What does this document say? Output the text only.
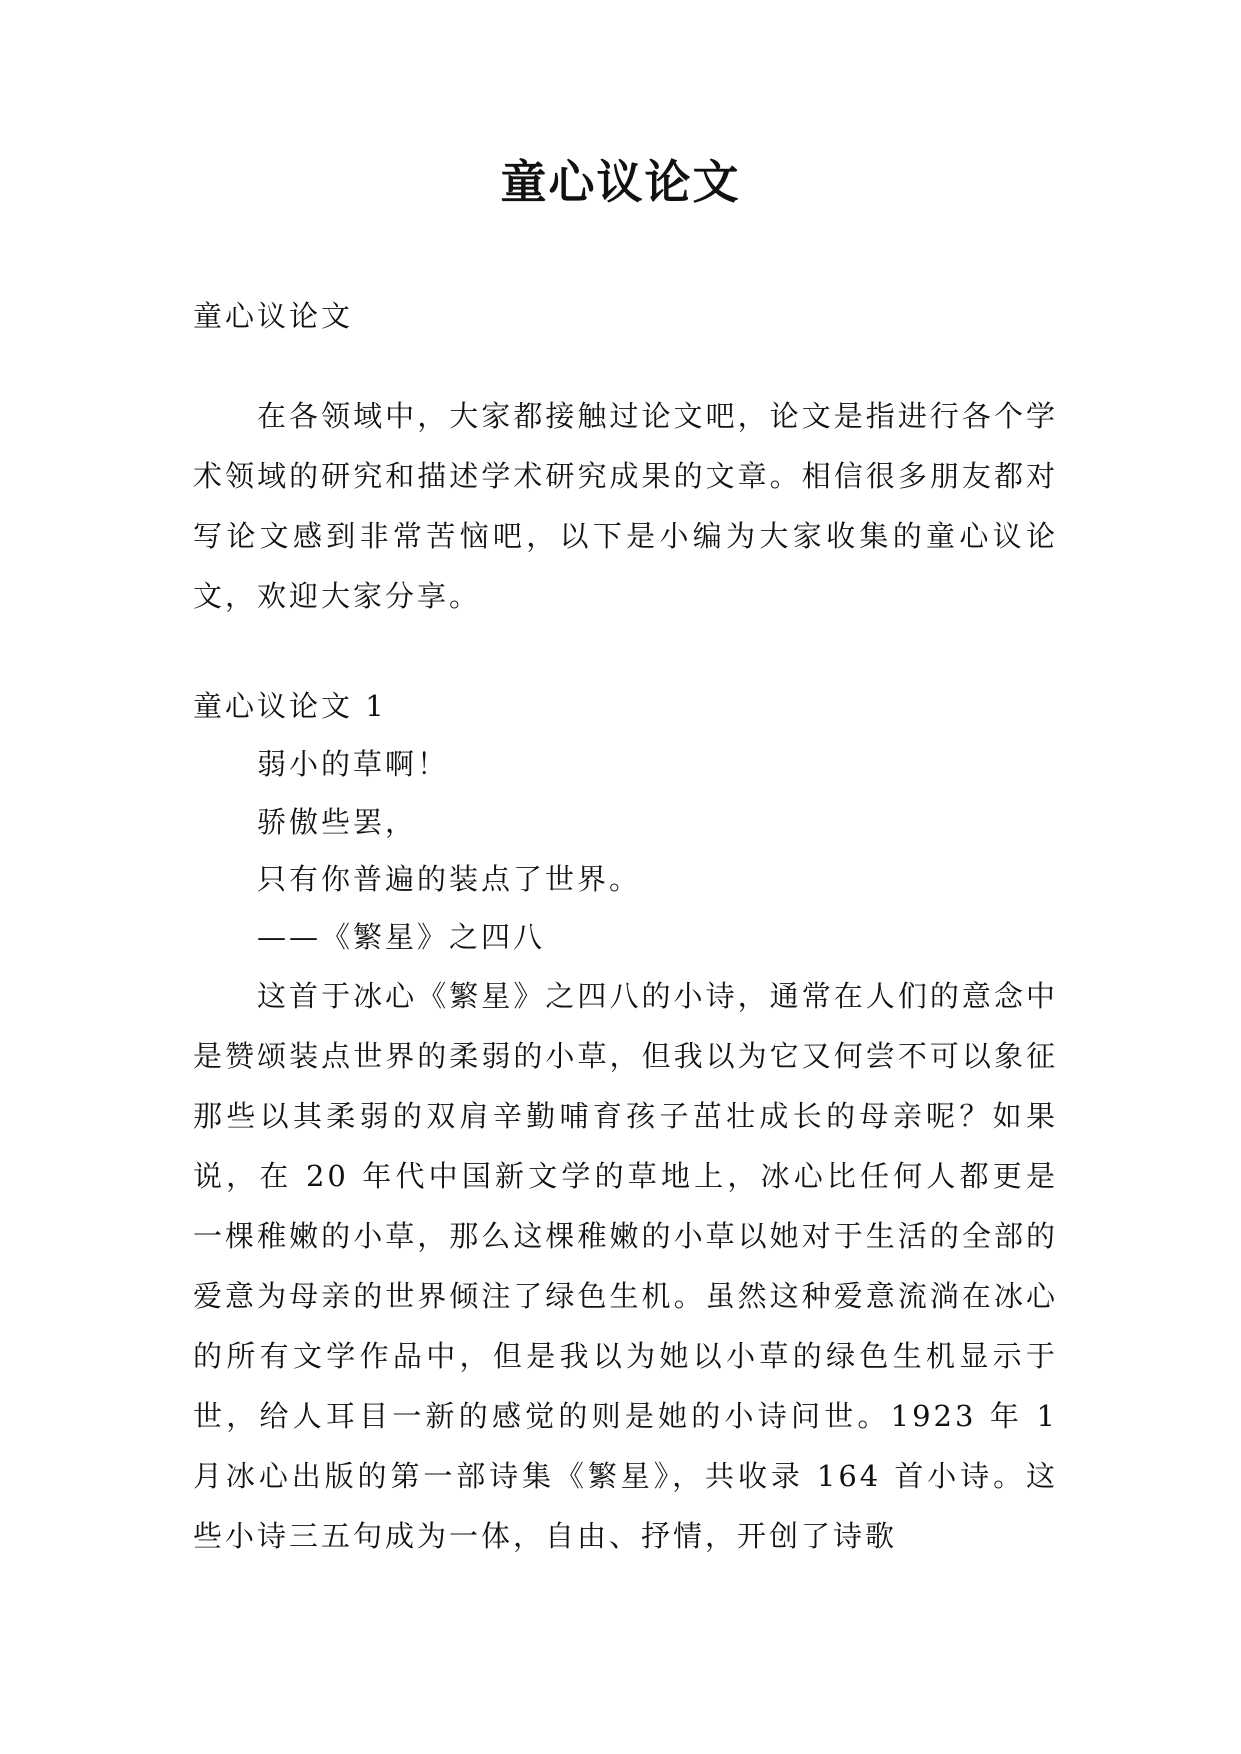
童心议论文
童心议论文

在各领域中，大家都接触过论文吧，论文是指进行各个学术领域的研究和描述学术研究成果的文章。相信很多朋友都对写论文感到非常苦恼吧，以下是小编为大家收集的童心议论文，欢迎大家分享。

童心议论文 1

弱小的草啊！

骄傲些罢，

只有你普遍的装点了世界。

——《繁星》之四八

这首于冰心《繁星》之四八的小诗，通常在人们的意念中是赞颂装点世界的柔弱的小草，但我以为它又何尝不可以象征那些以其柔弱的双肩辛勤哺育孩子茁壮成长的母亲呢？如果说，在 20 年代中国新文学的草地上，冰心比任何人都更是一棵稚嫩的小草，那么这棵稚嫩的小草以她对于生活的全部的爱意为母亲的世界倾注了绿色生机。虽然这种爱意流淌在冰心的所有文学作品中，但是我以为她以小草的绿色生机显示于世，给人耳目一新的感觉的则是她的小诗问世。1923 年 1 月冰心出版的第一部诗集《繁星》，共收录 164 首小诗。这些小诗三五句成为一体，自由、抒情，开创了诗歌
